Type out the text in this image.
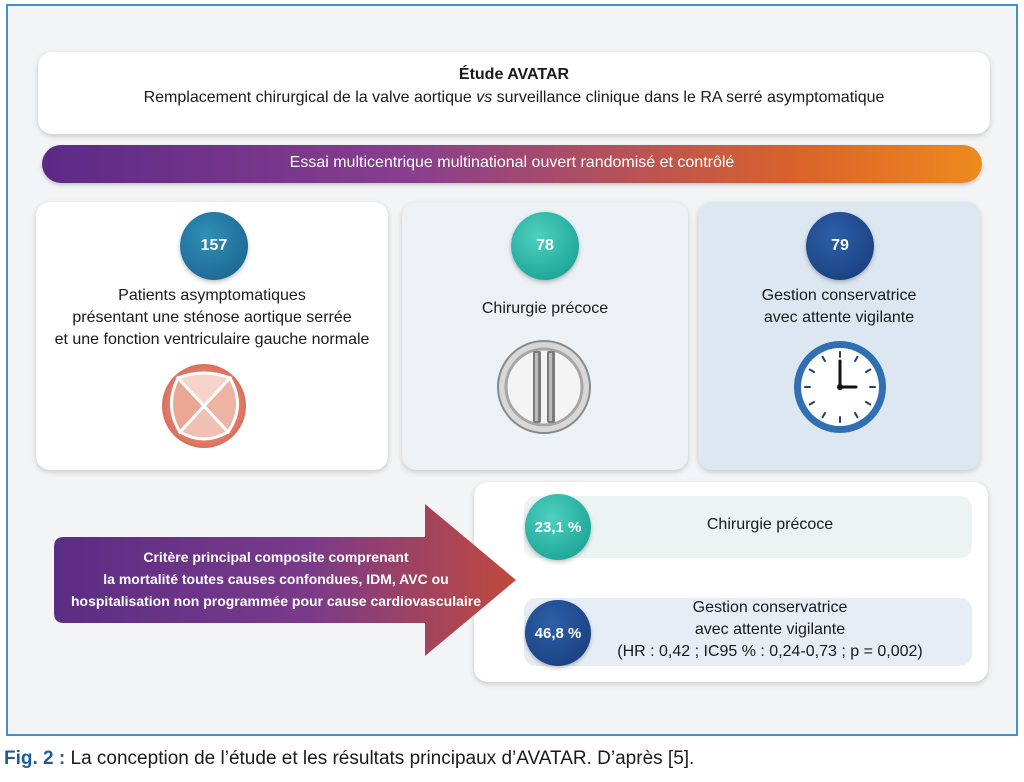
Étude AVATAR
Remplacement chirurgical de la valve aortique vs surveillance clinique dans le RA serré asymptomatique
Essai multicentrique multinational ouvert randomisé et contrôlé
157
Patients asymptomatiques
présentant une sténose aortique serrée
et une fonction ventriculaire gauche normale
78
Chirurgie précoce
79
Gestion conservatrice
avec attente vigilante
Chirurgie précoce
Gestion conservatrice
avec attente vigilante
(HR : 0,42 ; IC95 % : 0,24-0,73 ; p = 0,002)
Critère principal composite comprenant
la mortalité toutes causes confondues, IDM, AVC ou
hospitalisation non programmée pour cause cardiovasculaire
23,1 %
46,8 %
Fig. 2 : La conception de l’étude et les résultats principaux d’AVATAR. D’après [5].
